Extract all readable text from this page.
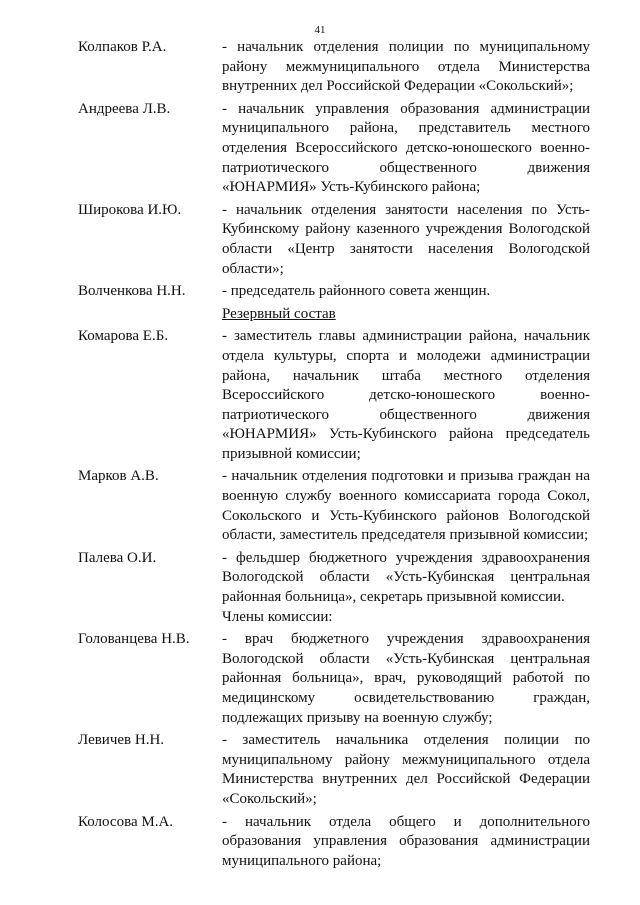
41
Колпаков Р.А.	- начальник отделения полиции по муниципальному району межмуниципального отдела Министерства внутренних дел Российской Федерации «Сокольский»;
Андреева Л.В.	- начальник управления образования администрации муниципального района, представитель местного отделения Всероссийского детско-юношеского военно-патриотического общественного движения «ЮНАРМИЯ» Усть-Кубинского района;
Широкова И.Ю.	- начальник отделения занятости населения по Усть-Кубинскому району казенного учреждения Вологодской области «Центр занятости населения Вологодской области»;
Волченкова Н.Н.	- председатель районного совета женщин.
Резервный состав
Комарова Е.Б.	- заместитель главы администрации района, начальник отдела культуры, спорта и молодежи администрации района, начальник штаба местного отделения Всероссийского детско-юношеского военно-патриотического общественного движения «ЮНАРМИЯ» Усть-Кубинского района председатель призывной комиссии;
Марков А.В.	- начальник отделения подготовки и призыва граждан на военную службу военного комиссариата города Сокол, Сокольского и Усть-Кубинского районов Вологодской области, заместитель председателя призывной комиссии;
Палева О.И.	- фельдшер бюджетного учреждения здравоохранения Вологодской области «Усть-Кубинская центральная районная больница», секретарь призывной комиссии.
Члены комиссии:
Голованцева Н.В.	- врач бюджетного учреждения здравоохранения Вологодской области «Усть-Кубинская центральная районная больница», врач, руководящий работой по медицинскому освидетельствованию граждан, подлежащих призыву на военную службу;
Левичев Н.Н.	- заместитель начальника отделения полиции по муниципальному району межмуниципального отдела Министерства внутренних дел Российской Федерации «Сокольский»;
Колосова М.А.	- начальник отдела общего и дополнительного образования управления образования администрации муниципального района;
